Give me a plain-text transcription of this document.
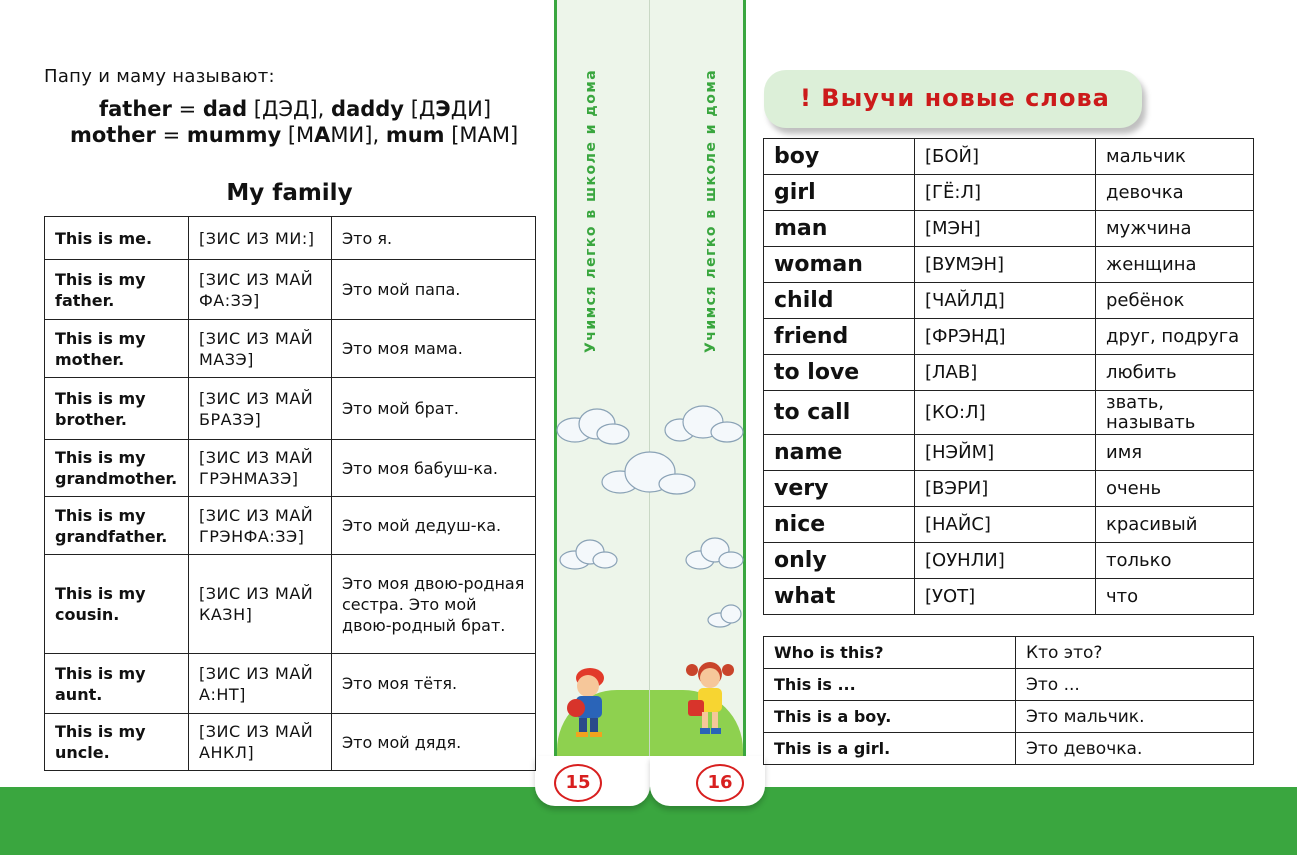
Учимся легко в школе и дома	Учимся легко в школе и дома
15	16
Папу и маму называют:
father = dad [ДЭД], daddy [ДЭДИ]
mother = mummy [МАМИ], mum [МАМ]
My family
This is me.	[ЗИС ИЗ МИ:]	Это я.
This is my father.	[ЗИС ИЗ МАЙ ФА:ЗЭ]	Это мой папа.
This is my mother.	[ЗИС ИЗ МАЙ МАЗЭ]	Это моя мама.
This is my brother.	[ЗИС ИЗ МАЙ БРАЗЭ]	Это мой брат.
This is my grandmother.	[ЗИС ИЗ МАЙ ГРЭНМАЗЭ]	Это моя бабуш-ка.
This is my grandfather.	[ЗИС ИЗ МАЙ ГРЭНФА:ЗЭ]	Это мой дедуш-ка.
This is my cousin.	[ЗИС ИЗ МАЙ КАЗН]	Это моя двою-родная сестра. Это мой двою-родный брат.
This is my aunt.	[ЗИС ИЗ МАЙ А:НТ]	Это моя тётя.
This is my uncle.	[ЗИС ИЗ МАЙ АНКЛ]	Это мой дядя.
! Выучи новые слова
boy	[БОЙ]	мальчик
girl	[ГЁ:Л]	девочка
man	[МЭН]	мужчина
woman	[ВУМЭН]	женщина
child	[ЧАЙЛД]	ребёнок
friend	[ФРЭНД]	друг, подруга
to love	[ЛАВ]	любить
to call	[КО:Л]	звать, называть
name	[НЭЙМ]	имя
very	[ВЭРИ]	очень
nice	[НАЙС]	красивый
only	[ОУНЛИ]	только
what	[УОТ]	что
Who is this?	Кто это?
This is ...	Это ...
This is a boy.	Это мальчик.
This is a girl.	Это девочка.
